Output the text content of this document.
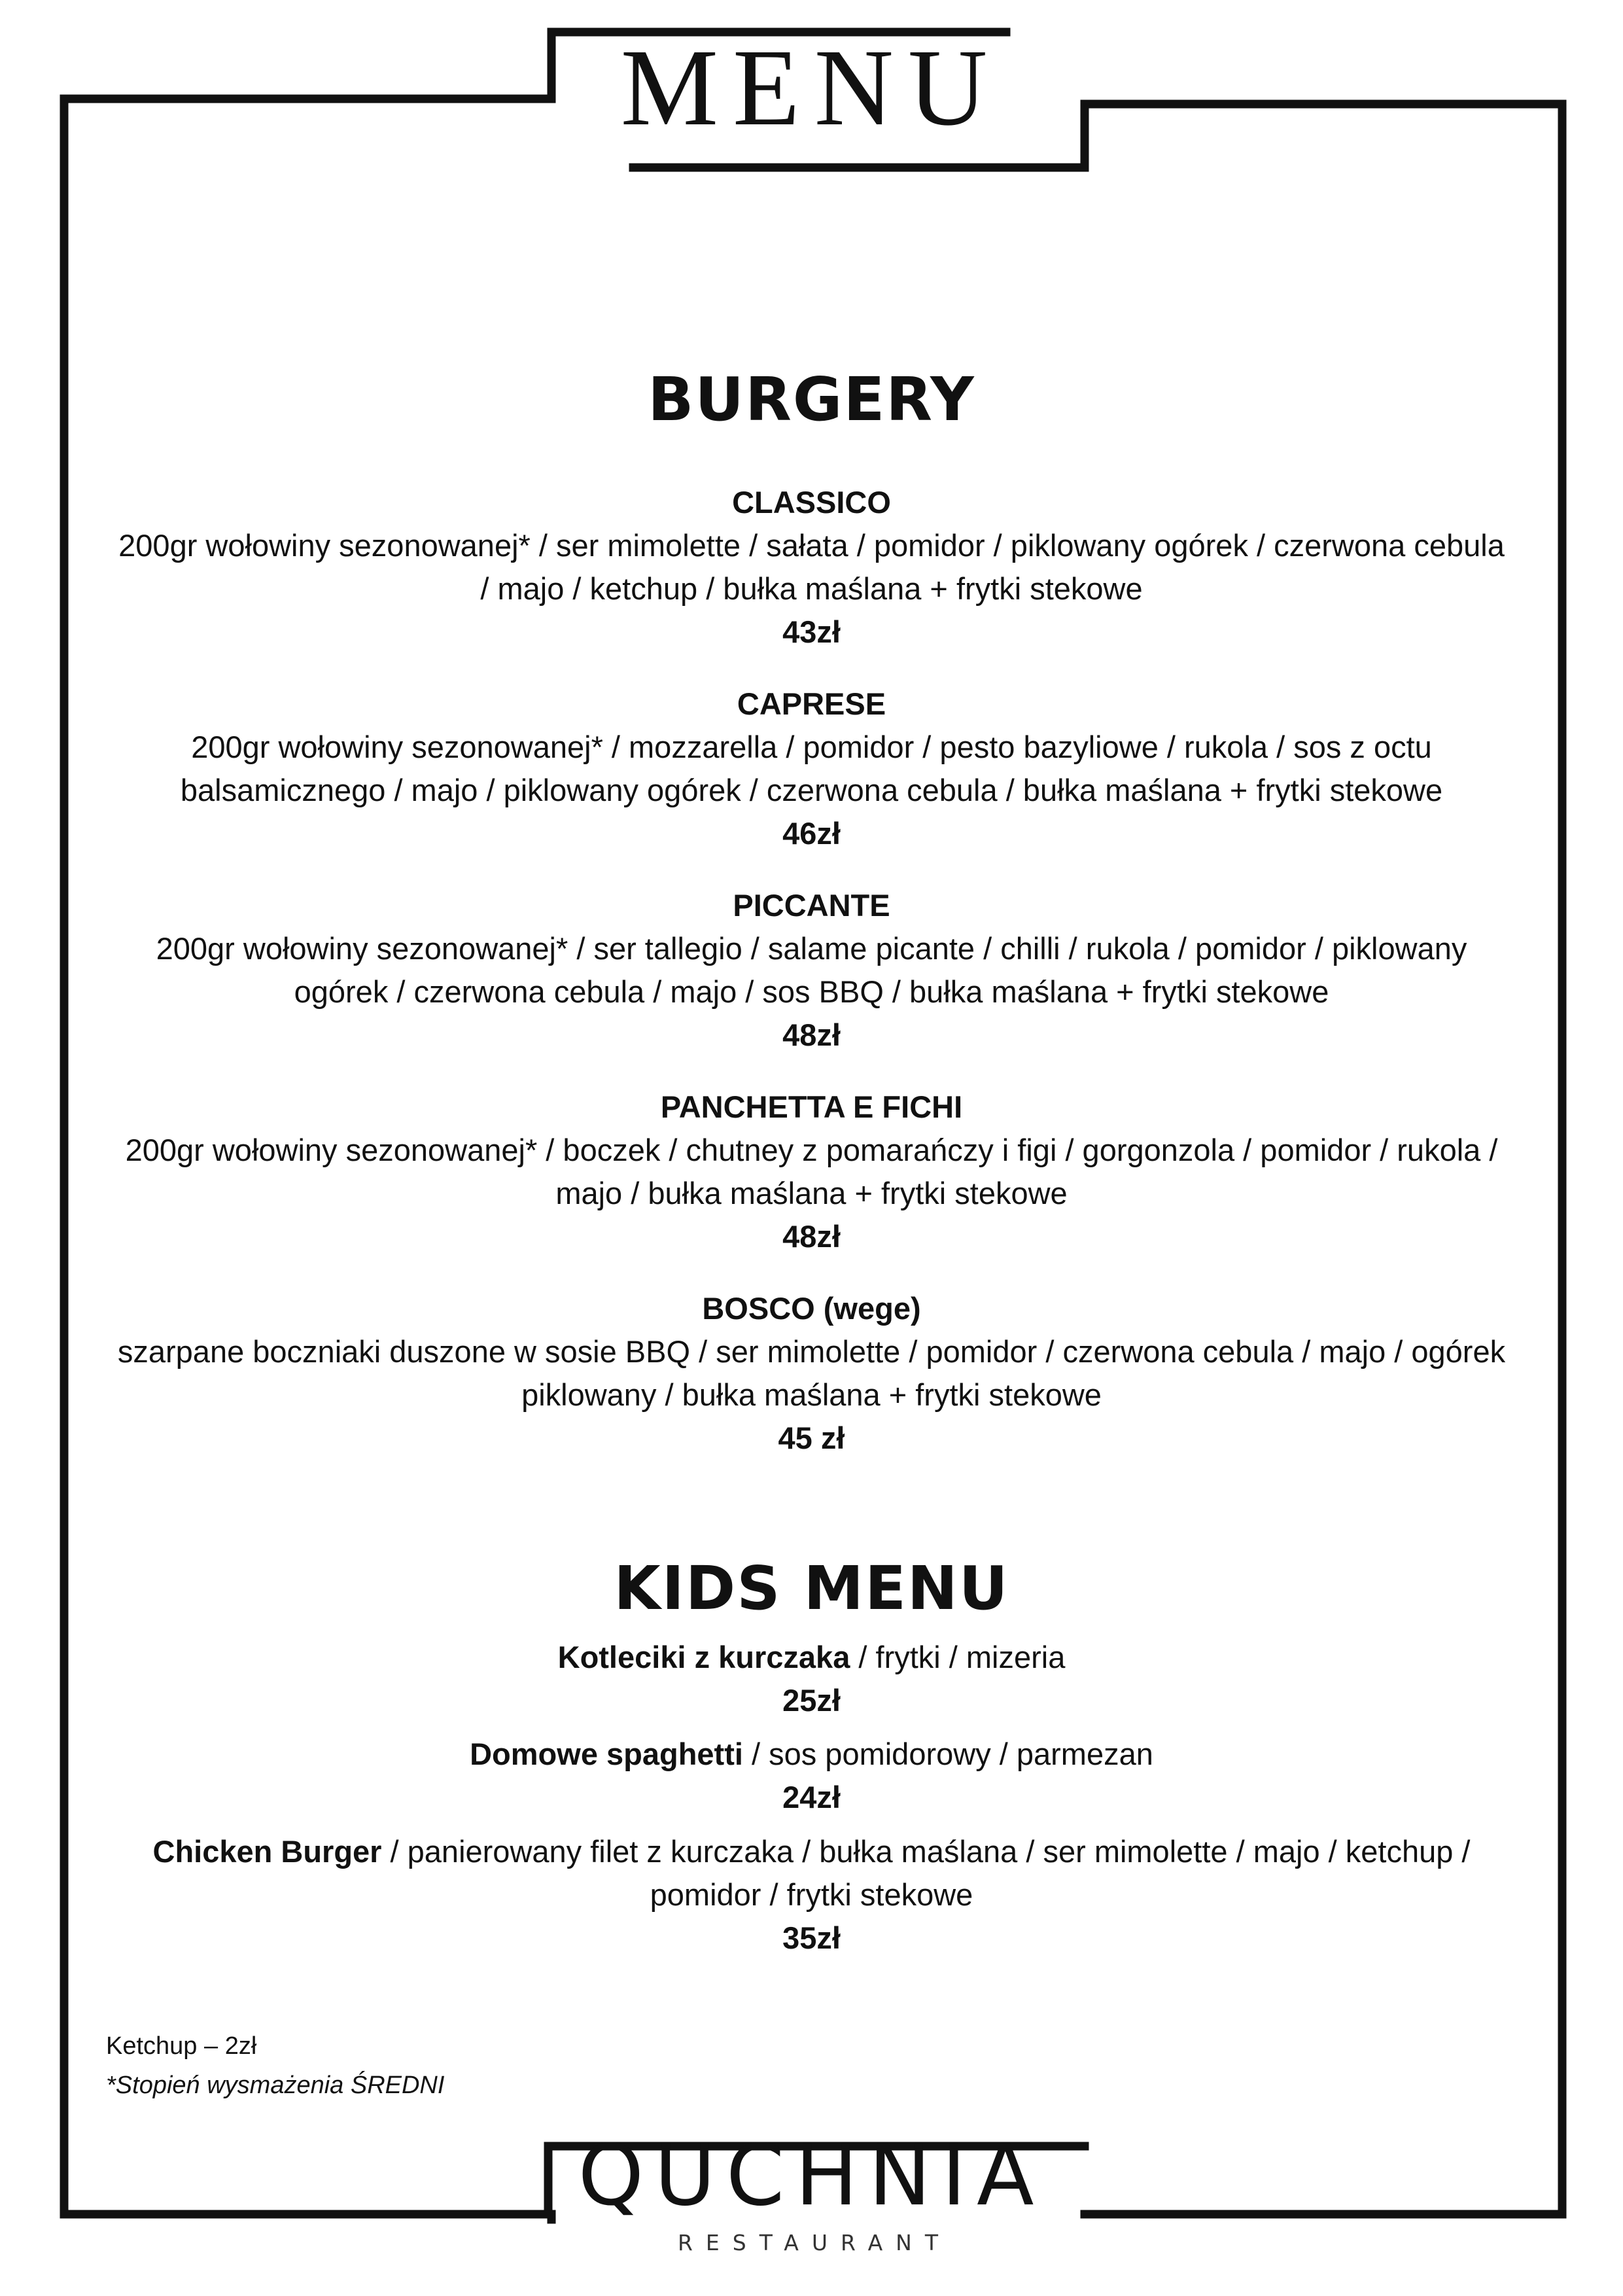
MENU
BURGERY
CLASSICO
200gr wołowiny sezonowanej* / ser mimolette / sałata / pomidor / piklowany ogórek / czerwona cebula / majo / ketchup / bułka maślana + frytki stekowe
43zł
CAPRESE
200gr wołowiny sezonowanej* / mozzarella / pomidor / pesto bazyliowe / rukola / sos z octu balsamicznego / majo / piklowany ogórek / czerwona cebula / bułka maślana + frytki stekowe
46zł
PICCANTE
200gr wołowiny sezonowanej* / ser tallegio / salame picante / chilli / rukola / pomidor / piklowany ogórek / czerwona cebula / majo / sos BBQ / bułka maślana + frytki stekowe
48zł
PANCHETTA E FICHI
200gr wołowiny sezonowanej* / boczek / chutney z pomarańczy i figi / gorgonzola / pomidor / rukola / majo / bułka maślana + frytki stekowe
48zł
BOSCO (wege)
szarpane boczniaki duszone w sosie BBQ / ser mimolette / pomidor / czerwona cebula / majo / ogórek piklowany / bułka maślana + frytki stekowe
45 zł
KIDS MENU
Kotleciki z kurczaka / frytki / mizeria
25zł
Domowe spaghetti / sos pomidorowy / parmezan
24zł
Chicken Burger / panierowany filet z kurczaka / bułka maślana / ser mimolette / majo / ketchup / pomidor / frytki stekowe
35zł
Ketchup – 2zł
*Stopień wysmażenia ŚREDNI
QUCHNIA
RESTAURANT
